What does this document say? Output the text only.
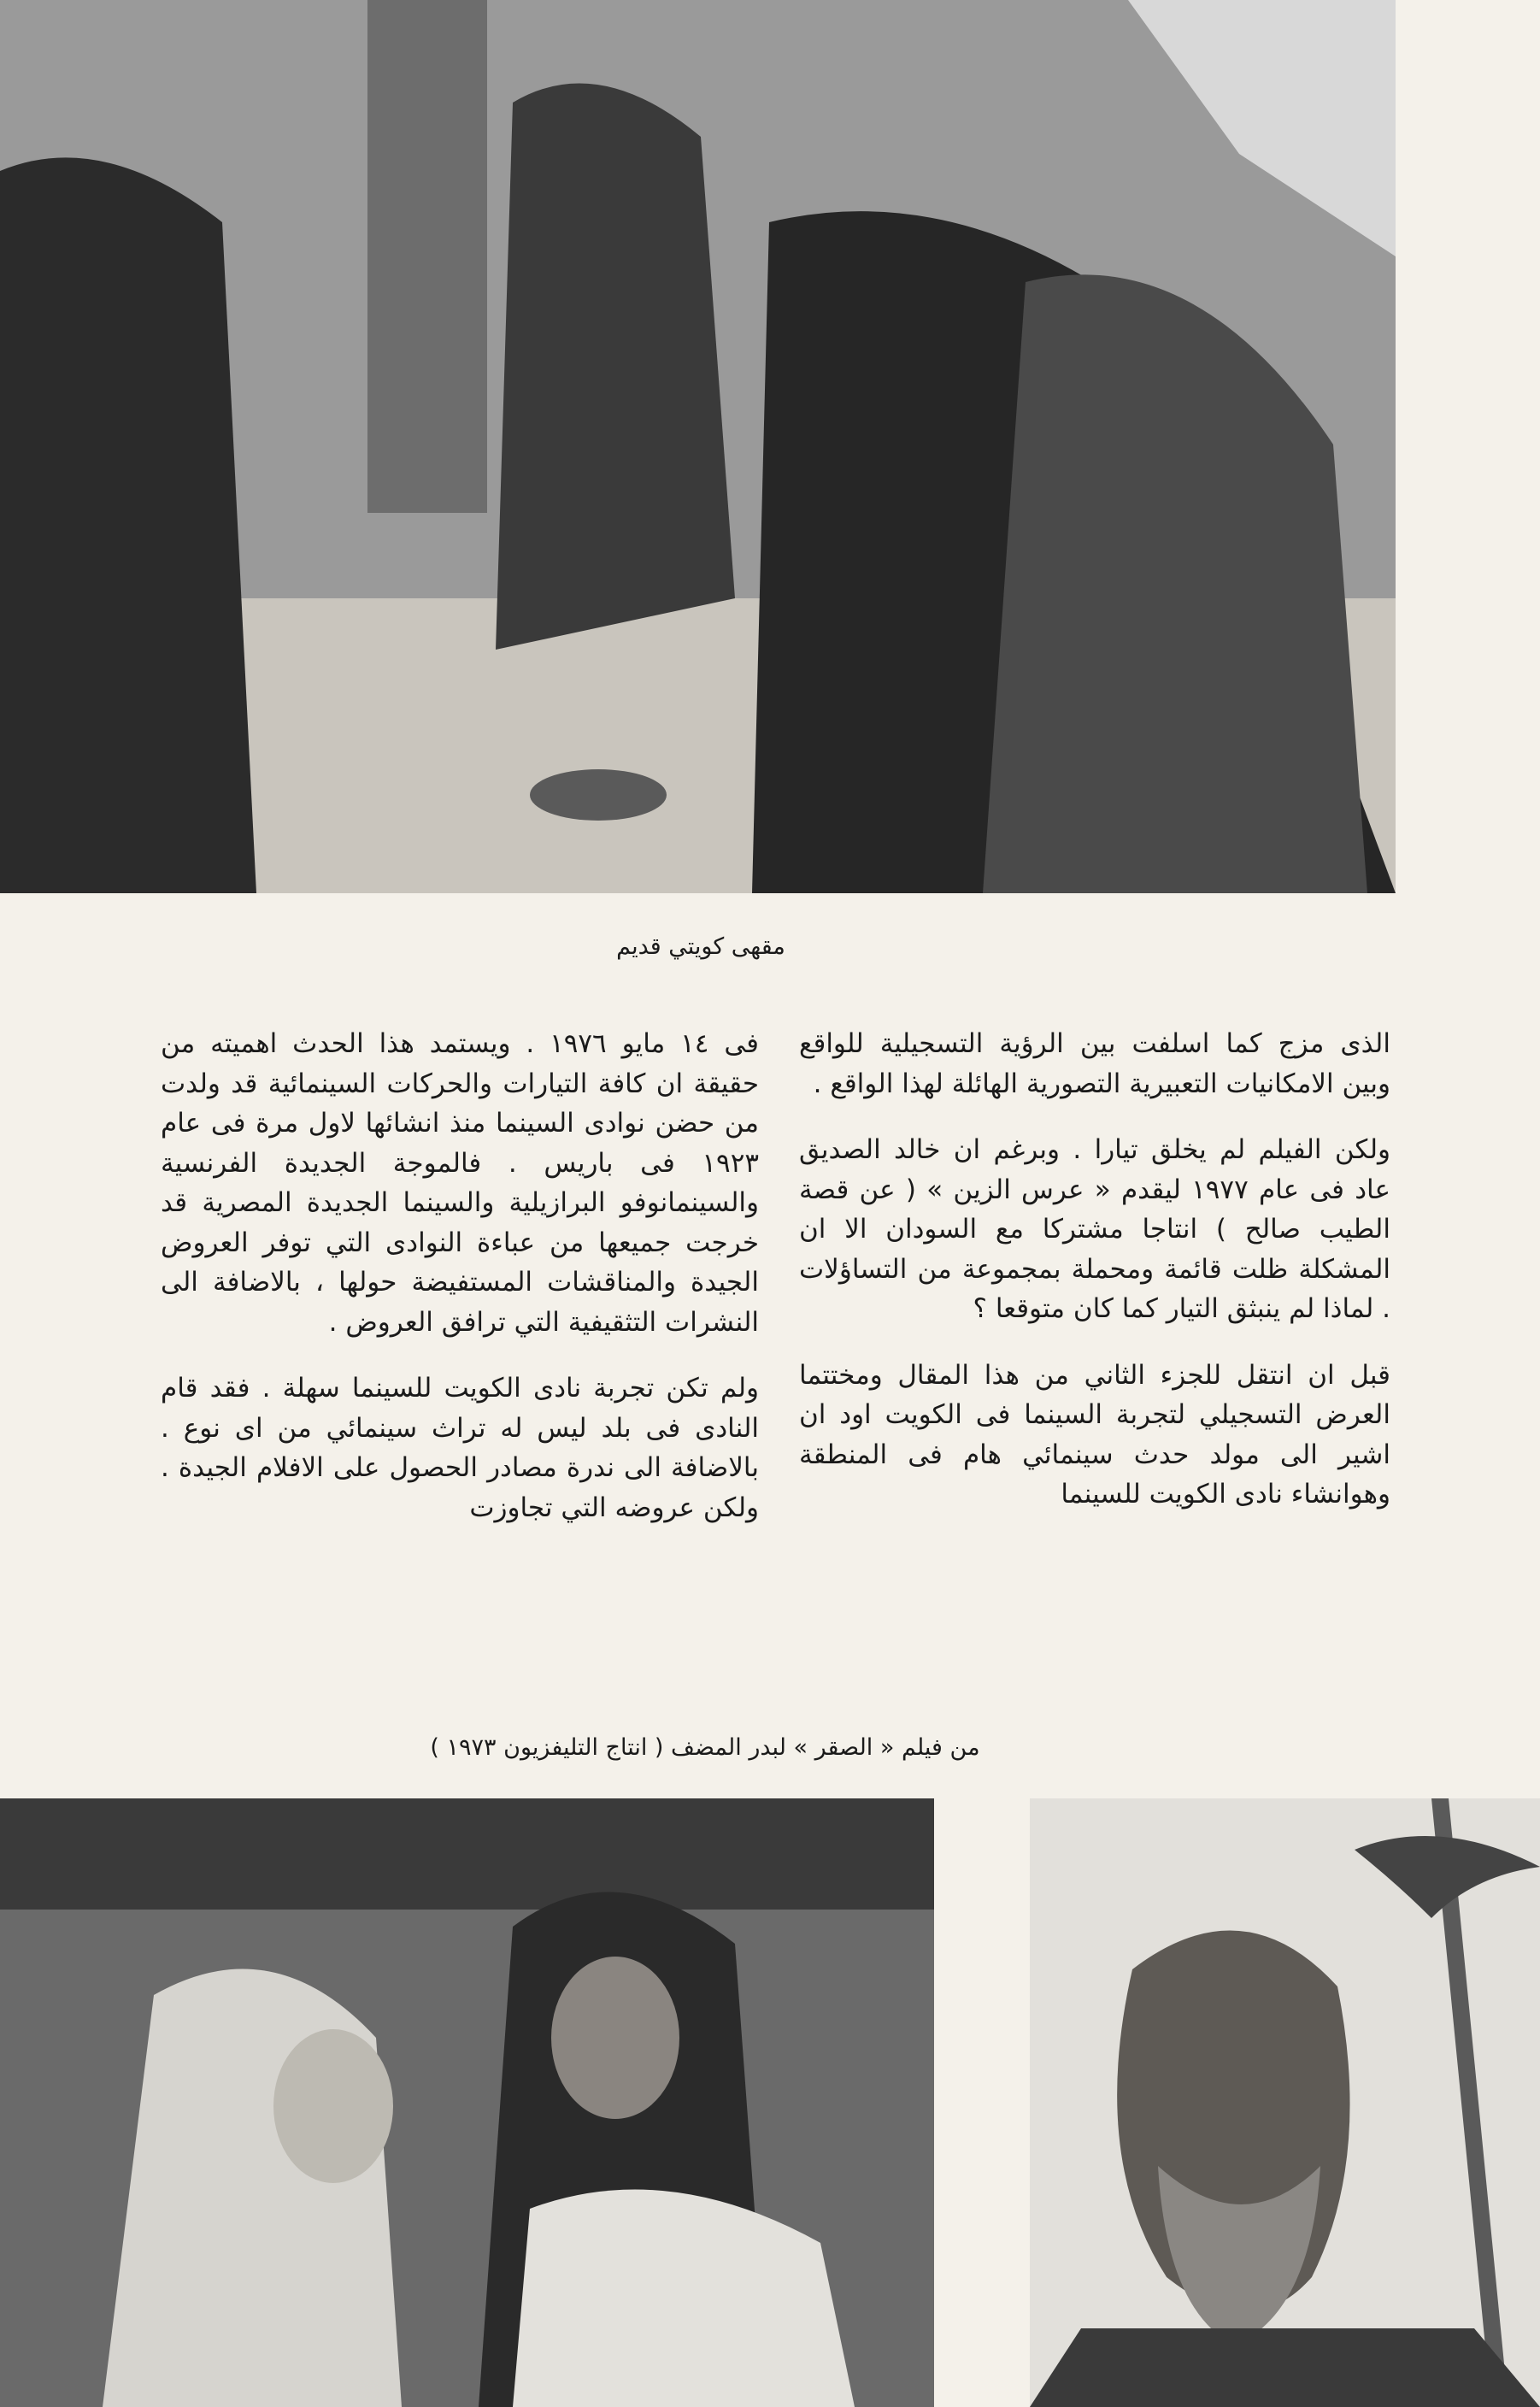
مقهى كويتي قديم

الذى مزج كما اسلفت بين الرؤية التسجيلية للواقع وبين الامكانيات التعبيرية التصورية الهائلة لهذا الواقع .

ولكن الفيلم لم يخلق تيارا . وبرغم ان خالد الصديق عاد فى عام ١٩٧٧ ليقدم « عرس الزين » ( عن قصة الطيب صالح ) انتاجا مشتركا مع السودان الا ان المشكلة ظلت قائمة ومحملة بمجموعة من التساؤلات . لماذا لم ينبثق التيار كما كان متوقعا ؟

قبل ان انتقل للجزء الثاني من هذا المقال ومختتما العرض التسجيلي لتجربة السينما فى الكويت اود ان اشير الى مولد حدث سينمائي هام فى المنطقة وهوانشاء نادى الكويت للسينما

فى ١٤ مايو ١٩٧٦ . ويستمد هذا الحدث اهميته من حقيقة ان كافة التيارات والحركات السينمائية قد ولدت من حضن نوادى السينما منذ انشائها لاول مرة فى عام ١٩٢٣ فى باريس . فالموجة الجديدة الفرنسية والسينمانوفو البرازيلية والسينما الجديدة المصرية قد خرجت جميعها من عباءة النوادى التي توفر العروض الجيدة والمناقشات المستفيضة حولها ، بالاضافة الى النشرات التثقيفية التي ترافق العروض .

ولم تكن تجربة نادى الكويت للسينما سهلة . فقد قام النادى فى بلد ليس له تراث سينمائي من اى نوع . بالاضافة الى ندرة مصادر الحصول على الافلام الجيدة . ولكن عروضه التي تجاوزت

من فيلم « الصقر » لبدر المضف ( انتاج التليفزيون ١٩٧٣ )
